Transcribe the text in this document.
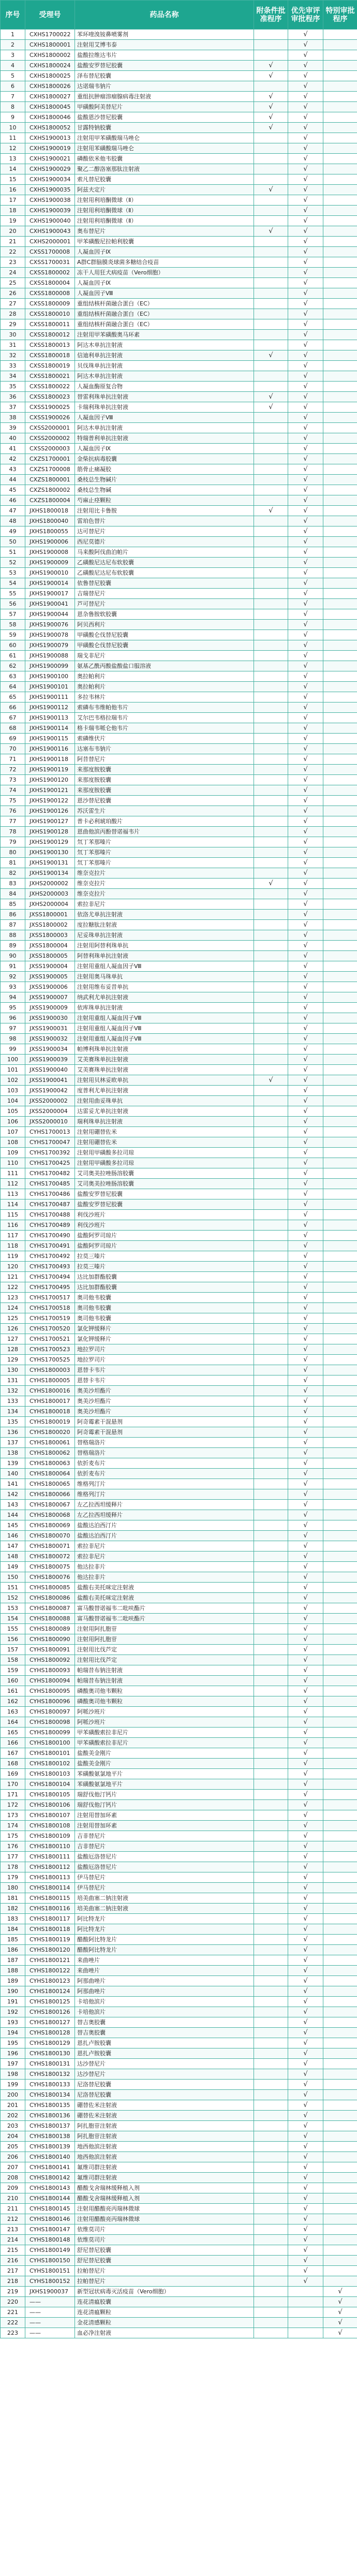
序号	受理号	药品名称	附条件批准程序	优先审评审批程序	特别审批程序
1	CXHS1700022	苯环喹溴铵鼻喷雾剂		√	
2	CXHS1800001	注射用艾博韦泰		√	
3	CXHS1800002	盐酸拉维达韦片		√	
4	CXHS1800024	盐酸安罗替尼胶囊	√	√	
5	CXHS1800025	泽布替尼胶囊	√	√	
6	CXHS1800026	达诺瑞韦钠片		√	
7	CXHS1800027	重组抗肿瘤溶瘤腺病毒注射液	√	√	
8	CXHS1800045	甲磺酸阿美替尼片	√	√	
9	CXHS1800046	盐酸恩沙替尼胶囊	√	√	
10	CXHS1800052	甘露特钠胶囊	√	√	
11	CXHS1900013	注射用甲苯磺酸瑞马唑仑		√	
12	CXHS1900019	注射用苯磺酸瑞马唑仑		√	
13	CXHS1900021	磷酸依米他韦胶囊		√	
14	CXHS1900029	聚乙二醇洛塞那肽注射液		√	
15	CXHS1900034	索凡替尼胶囊		√	
16	CXHS1900035	阿兹夫定片	√	√	
17	CXHS1900038	注射用利培酮微球（Ⅱ）		√	
18	CXHS1900039	注射用利培酮微球（Ⅱ）		√	
19	CXHS1900040	注射用利培酮微球（Ⅱ）		√	
20	CXHS1900043	奥布替尼片	√	√	
21	CXHS2000001	甲苯磺酸尼拉帕利胶囊		√	
22	CXSS1700008	人凝血因子Ⅸ		√	
23	CXSS1700031	A群C群脑膜炎球菌多糖结合疫苗		√	
24	CXSS1800002	冻干人用狂犬病疫苗（Vero细胞）		√	
25	CXSS1800004	人凝血因子Ⅸ		√	
26	CXSS1800008	人凝血因子Ⅷ		√	
27	CXSS1800009	重组结核杆菌融合蛋白（EC）		√	
28	CXSS1800010	重组结核杆菌融合蛋白（EC）		√	
29	CXSS1800011	重组结核杆菌融合蛋白（EC）		√	
30	CXSS1800012	注射用甲苯磺酸奥马环素		√	
31	CXSS1800013	阿达木单抗注射液		√	
32	CXSS1800018	信迪利单抗注射液	√	√	
33	CXSS1800019	贝伐珠单抗注射液		√	
34	CXSS1800021	阿达木单抗注射液		√	
35	CXSS1800022	人凝血酶原复合物		√	
36	CXSS1800023	替雷利珠单抗注射液	√	√	
37	CXSS1900025	卡瑞利珠单抗注射液	√	√	
38	CXSS1900026	人凝血因子Ⅷ		√	
39	CXSS2000001	阿达木单抗注射液		√	
40	CXSS2000002	特瑞普利单抗注射液		√	
41	CXSS2000003	人凝血因子Ⅸ		√	
42	CXZS1700001	金柴抗病毒胶囊		√	
43	CXZS1700008	筋骨止痛凝胶		√	
44	CXZS1800001	桑枝总生物碱片		√	
45	CXZS1800002	桑枝总生物碱		√	
46	CXZS1800004	芍麻止痉颗粒		√	
47	JXHS1800018	注射用比卡鲁胺	√	√	
48	JXHS1800040	雷珀色替片		√	
49	JXHS1800055	达可替尼片		√	
50	JXHS1900006	西尼莫德片		√	
51	JXHS1900008	马来酸阿伐曲泊帕片		√	
52	JXHS1900009	乙磺酸尼达尼布软胶囊		√	
53	JXHS1900010	乙磺酸尼达尼布软胶囊		√	
54	JXHS1900014	依鲁替尼胶囊		√	
55	JXHS1900017	吉瑞替尼片		√	
56	JXHS1900041	芦可替尼片		√	
57	JXHS1900044	恩杂鲁胺软胶囊		√	
58	JXHS1900076	阿贝西利片		√	
59	JXHS1900078	甲磺酸仑伐替尼胶囊		√	
60	JXHS1900079	甲磺酸仑伐替尼胶囊		√	
61	JXHS1900088	瑞戈非尼片		√	
62	JXHS1900099	氨基乙酰丙酸盐酸盐口服溶液		√	
63	JXHS1900100	奥拉帕利片		√	
64	JXHS1900101	奥拉帕利片		√	
65	JXHS1900111	多拉韦林片		√	
66	JXHS1900112	索磷布韦维帕他韦片		√	
67	JXHS1900113	艾尔巴韦格拉瑞韦片		√	
68	JXHS1900114	格卡瑞韦哌仑他韦片		√	
69	JXHS1900115	索磷维伏片		√	
70	JXHS1900116	达塞布韦钠片		√	
71	JXHS1900118	阿昔替尼片		√	
72	JXHS1900119	来那度胺胶囊		√	
73	JXHS1900120	来那度胺胶囊		√	
74	JXHS1900121	来那度胺胶囊		√	
75	JXHS1900122	恩沙替尼胶囊		√	
76	JXHS1900126	苏沃雷生片		√	
77	JXHS1900127	普卡必利琥珀酸片		√	
78	JXHS1900128	恩曲他滨丙酚替诺福韦片		√	
79	JXHS1900129	氘丁苯那嗪片		√	
80	JXHS1900130	氘丁苯那嗪片		√	
81	JXHS1900131	氘丁苯那嗪片		√	
82	JXHS1900134	维奈克拉片		√	
83	JXHS2000002	维奈克拉片	√	√	
84	JXHS2000003	维奈克拉片		√	
85	JXHS2000004	索拉非尼片		√	
86	JXSS1800001	依洛尤单抗注射液		√	
87	JXSS1800002	度拉糖肽注射液		√	
88	JXSS1800003	尼妥珠单抗注射液		√	
89	JXSS1800004	注射用阿替利珠单抗		√	
90	JXSS1800005	阿替利珠单抗注射液		√	
91	JXSS1900004	注射用重组人凝血因子Ⅷ		√	
92	JXSS1900005	注射用奥马珠单抗		√	
93	JXSS1900006	注射用维布妥昔单抗		√	
94	JXSS1900007	纳武利尤单抗注射液		√	
95	JXSS1900009	依库珠单抗注射液		√	
96	JXSS1900030	注射用重组人凝血因子Ⅷ		√	
97	JXSS1900031	注射用重组人凝血因子Ⅷ		√	
98	JXSS1900032	注射用重组人凝血因子Ⅷ		√	
99	JXSS1900034	帕博利珠单抗注射液		√	
100	JXSS1900039	艾美赛珠单抗注射液		√	
101	JXSS1900040	艾美赛珠单抗注射液		√	
102	JXSS1900041	注射用贝林妥欧单抗	√	√	
103	JXSS1900042	度普利尤单抗注射液		√	
104	JXSS2000002	注射用曲妥珠单抗		√	
105	JXSS2000004	达雷妥尤单抗注射液		√	
106	JXSS2000010	瑞利珠单抗注射液		√	
107	CYHS1700013	注射用硼替佐米		√	
108	CYHS1700047	注射用硼替佐米		√	
109	CYHS1700392	注射用甲磺酸多拉司琼		√	
110	CYHS1700425	注射用甲磺酸多拉司琼		√	
111	CYHS1700482	艾司奥美拉唑肠溶胶囊		√	
112	CYHS1700485	艾司奥美拉唑肠溶胶囊		√	
113	CYHS1700486	盐酸安罗替尼胶囊		√	
114	CYHS1700487	盐酸安罗替尼胶囊		√	
115	CYHS1700488	利伐沙班片		√	
116	CYHS1700489	利伐沙班片		√	
117	CYHS1700490	盐酸阿罗司琼片		√	
118	CYHS1700491	盐酸阿罗司琼片		√	
119	CYHS1700492	拉莫三嗪片		√	
120	CYHS1700493	拉莫三嗪片		√	
121	CYHS1700494	达比加群酯胶囊		√	
122	CYHS1700495	达比加群酯胶囊		√	
123	CYHS1700517	奥司他韦胶囊		√	
124	CYHS1700518	奥司他韦胶囊		√	
125	CYHS1700519	奥司他韦胶囊		√	
126	CYHS1700520	氯化钾缓释片		√	
127	CYHS1700521	氯化钾缓释片		√	
128	CYHS1700523	地拉罗司片		√	
129	CYHS1700525	地拉罗司片		√	
130	CYHS1800003	恩替卡韦片		√	
131	CYHS1800005	恩替卡韦片		√	
132	CYHS1800016	奥美沙坦酯片		√	
133	CYHS1800017	奥美沙坦酯片		√	
134	CYHS1800018	奥美沙坦酯片		√	
135	CYHS1800019	阿奇霉素干混悬剂		√	
136	CYHS1800020	阿奇霉素干混悬剂		√	
137	CYHS1800061	替格瑞洛片		√	
138	CYHS1800062	替格瑞洛片		√	
139	CYHS1800063	依折麦布片		√	
140	CYHS1800064	依折麦布片		√	
141	CYHS1800065	维格列汀片		√	
142	CYHS1800066	维格列汀片		√	
143	CYHS1800067	左乙拉西坦缓释片		√	
144	CYHS1800068	左乙拉西坦缓释片		√	
145	CYHS1800069	盐酸达泊西汀片		√	
146	CYHS1800070	盐酸达泊西汀片		√	
147	CYHS1800071	索拉非尼片		√	
148	CYHS1800072	索拉非尼片		√	
149	CYHS1800075	他达拉非片		√	
150	CYHS1800076	他达拉非片		√	
151	CYHS1800085	盐酸右美托咪定注射液		√	
152	CYHS1800086	盐酸右美托咪定注射液		√	
153	CYHS1800087	富马酸替诺福韦二吡呋酯片		√	
154	CYHS1800088	富马酸替诺福韦二吡呋酯片		√	
155	CYHS1800089	注射用阿扎胞苷		√	
156	CYHS1800090	注射用阿扎胞苷		√	
157	CYHS1800091	注射用比伐芦定		√	
158	CYHS1800092	注射用比伐芦定		√	
159	CYHS1800093	帕瑞昔布钠注射液		√	
160	CYHS1800094	帕瑞昔布钠注射液		√	
161	CYHS1800095	磷酸奥司他韦颗粒		√	
162	CYHS1800096	磷酸奥司他韦颗粒		√	
163	CYHS1800097	阿哌沙班片		√	
164	CYHS1800098	阿哌沙班片		√	
165	CYHS1800099	甲苯磺酸索拉非尼片		√	
166	CYHS1800100	甲苯磺酸索拉非尼片		√	
167	CYHS1800101	盐酸美金刚片		√	
168	CYHS1800102	盐酸美金刚片		√	
169	CYHS1800103	苯磺酸氨氯地平片		√	
170	CYHS1800104	苯磺酸氨氯地平片		√	
171	CYHS1800105	瑞舒伐他汀钙片		√	
172	CYHS1800106	瑞舒伐他汀钙片		√	
173	CYHS1800107	注射用替加环素		√	
174	CYHS1800108	注射用替加环素		√	
175	CYHS1800109	吉非替尼片		√	
176	CYHS1800110	吉非替尼片		√	
177	CYHS1800111	盐酸厄洛替尼片		√	
178	CYHS1800112	盐酸厄洛替尼片		√	
179	CYHS1800113	伊马替尼片		√	
180	CYHS1800114	伊马替尼片		√	
181	CYHS1800115	培美曲塞二钠注射液		√	
182	CYHS1800116	培美曲塞二钠注射液		√	
183	CYHS1800117	阿比特龙片		√	
184	CYHS1800118	阿比特龙片		√	
185	CYHS1800119	醋酸阿比特龙片		√	
186	CYHS1800120	醋酸阿比特龙片		√	
187	CYHS1800121	来曲唑片		√	
188	CYHS1800122	来曲唑片		√	
189	CYHS1800123	阿那曲唑片		√	
190	CYHS1800124	阿那曲唑片		√	
191	CYHS1800125	卡培他滨片		√	
192	CYHS1800126	卡培他滨片		√	
193	CYHS1800127	替吉奥胶囊		√	
194	CYHS1800128	替吉奥胶囊		√	
195	CYHS1800129	恩扎卢胺胶囊		√	
196	CYHS1800130	恩扎卢胺胶囊		√	
197	CYHS1800131	达沙替尼片		√	
198	CYHS1800132	达沙替尼片		√	
199	CYHS1800133	尼洛替尼胶囊		√	
200	CYHS1800134	尼洛替尼胶囊		√	
201	CYHS1800135	硼替佐米注射液		√	
202	CYHS1800136	硼替佐米注射液		√	
203	CYHS1800137	阿扎胞苷注射液		√	
204	CYHS1800138	阿扎胞苷注射液		√	
205	CYHS1800139	地西他滨注射液		√	
206	CYHS1800140	地西他滨注射液		√	
207	CYHS1800141	氟维司群注射液		√	
208	CYHS1800142	氟维司群注射液		√	
209	CYHS1800143	醋酸戈舍瑞林缓释植入剂		√	
210	CYHS1800144	醋酸戈舍瑞林缓释植入剂		√	
211	CYHS1800145	注射用醋酸亮丙瑞林微球		√	
212	CYHS1800146	注射用醋酸亮丙瑞林微球		√	
213	CYHS1800147	依维莫司片		√	
214	CYHS1800148	依维莫司片		√	
215	CYHS1800149	舒尼替尼胶囊		√	
216	CYHS1800150	舒尼替尼胶囊		√	
217	CYHS1800151	拉帕替尼片		√	
218	CYHS1800152	拉帕替尼片		√	
219	JXHS1900037	新型冠状病毒灭活疫苗（Vero细胞）			√
220	——	连花清瘟胶囊			√
221	——	连花清瘟颗粒			√
222	——	金花清感颗粒			√
223	——	血必净注射液			√
